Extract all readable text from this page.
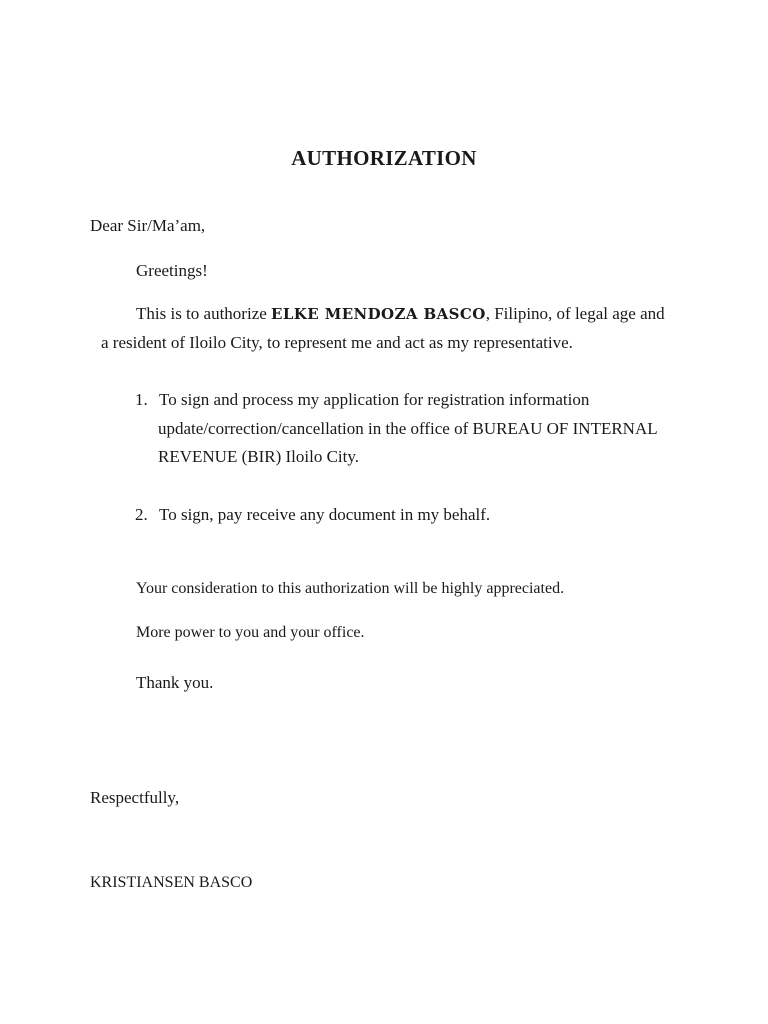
AUTHORIZATION
Dear Sir/Ma’am,
Greetings!
This is to authorize ELKE MENDOZA BASCO, Filipino, of legal age and
a resident of Iloilo City, to represent me and act as my representative.
1. To sign and process my application for registration information
update/correction/cancellation in the office of BUREAU OF INTERNAL
REVENUE (BIR) Iloilo City.
2. To sign, pay receive any document in my behalf.
Your consideration to this authorization will be highly appreciated.
More power to you and your office.
Thank you.
Respectfully,
KRISTIANSEN BASCO
